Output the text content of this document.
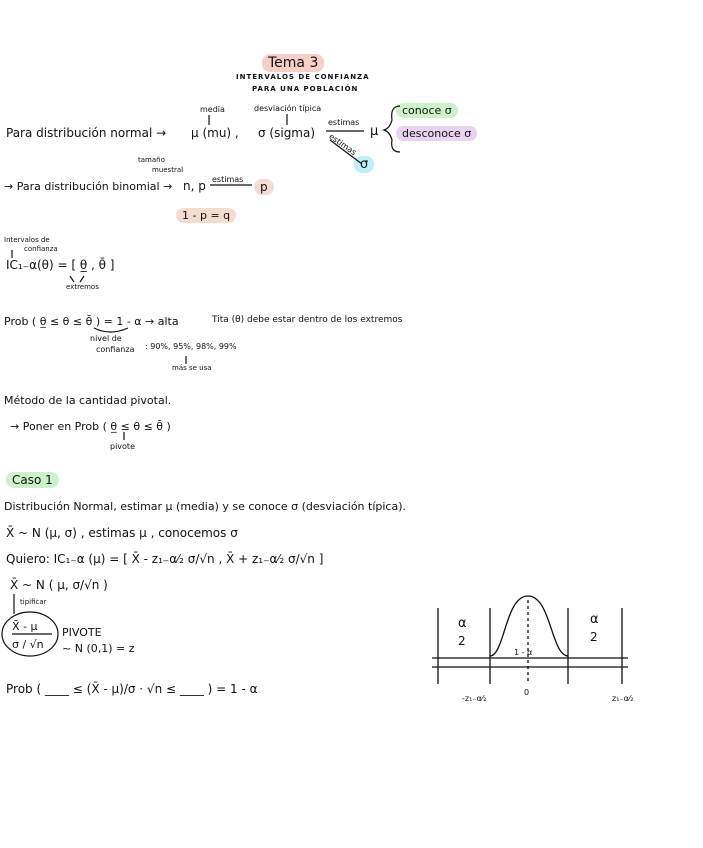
Tema 3
INTERVALOS DE CONFIANZA
PARA UNA POBLACIÓN
media	desviación típica
Para distribución normal → μ (mu) , σ (sigma)
estimas
μ
estimas
σ
conoce σ
desconoce σ
tamaño
muestral
→ Para distribución binomial → n, p estimas
p
1 - p = q
Intervalos de
confianza
IC₁₋α(θ) = [ θ̲ , θ̄ ]
extremos
Prob ( θ̲ ≤ θ ≤ θ̄ ) = 1 - α → alta	Tita (θ) debe estar dentro de los extremos
nivel de
confianza : 90%, 95%, 98%, 99%
más se usa
Método de la cantidad pivotal.
→ Poner en Prob ( θ̲ ≤ θ ≤ θ̄ )
pivote
Caso 1
Distribución Normal, estimar μ (media) y se conoce σ (desviación típica).
X̄ ~ N (μ, σ) , estimas μ , conocemos σ
Quiero: IC₁₋α (μ) = [ X̄ - z₁₋α⁄₂ σ/√n , X̄ + z₁₋α⁄₂ σ/√n ]
X̄ ~ N ( μ, σ/√n )
tipificar
X̄ - μ
σ / √n
PIVOTE
~ N (0,1) = z
Prob ( ____ ≤ (X̄ - μ)/σ · √n ≤ ____ ) = 1 - α
α
2
α
2
1 - α
0
-z₁₋α⁄₂	z₁₋α⁄₂
